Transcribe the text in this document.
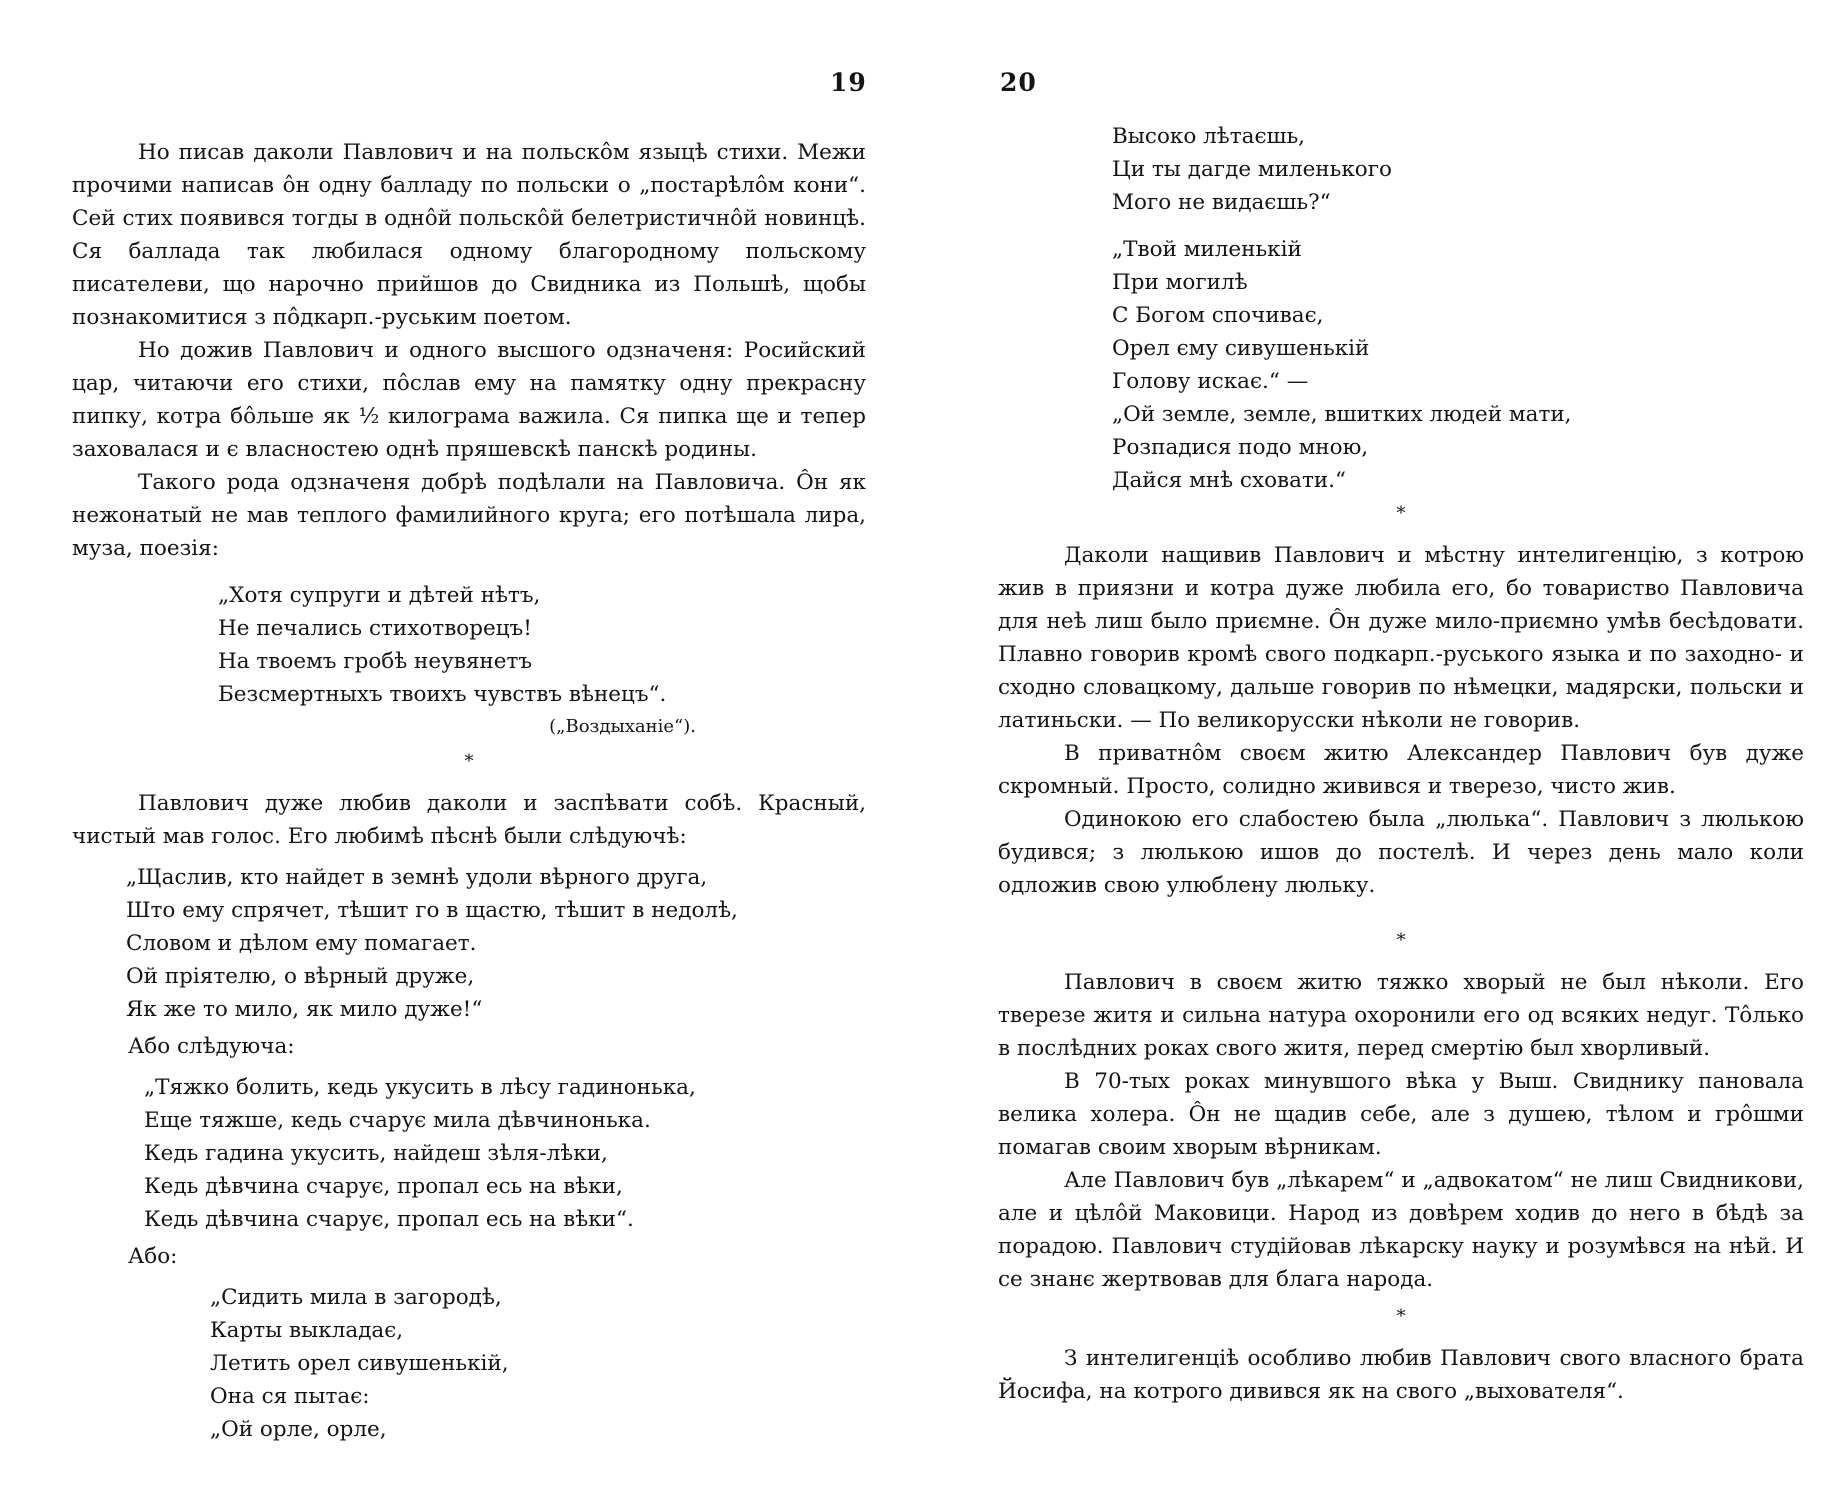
19

Но писав даколи Павлович и на польскôм языцѣ стихи. Межи прочими написав ôн одну балладу по польски о „постарѣлôм кони“. Сей стих появився тогды в однôй польскôй белетристичнôй новинцѣ. Ся баллада так любилася одному благородному польскому писателеви, що нарочно прийшов до Свидника из Польшѣ, щобы познакомитися з пôдкарп.-руським поетом.

Но дожив Павлович и одного высшого одзначеня: Росийский цар, читаючи его стихи, пôслав ему на памятку одну прекрасну пипку, котра бôльше як ½ килограма важила. Ся пипка ще и тепер заховалася и є власностею однѣ пряшевскѣ панскѣ родины.

Такого рода одзначеня добрѣ подѣлали на Павловича. Ôн як нежонатый не мав теплого фамилийного круга; его потѣшала лира, муза, поезія:

„Хотя супруги и дѣтей нѣтъ,
Не печались стихотворецъ!
На твоемъ гробѣ неувянетъ
Безсмертныхъ твоихъ чувствъ вѣнецъ“.
(„Воздыханіе“).
*

Павлович дуже любив даколи и заспѣвати собѣ. Красный, чистый мав голос. Его любимѣ пѣснѣ были слѣдуючѣ:

„Щаслив, кто найдет в земнѣ удоли вѣрного друга,
Што ему спрячет, тѣшит го в щастю, тѣшит в недолѣ,
Словом и дѣлом ему помагает.
Ой пріятелю, о вѣрный друже,
Як же то мило, як мило дуже!“
Або слѣдуюча:
„Тяжко болить, кедь укусить в лѣсу гадинонька,
Еще тяжше, кедь счарує мила дѣвчинонька.
Кедь гадина укусить, найдеш зѣля-лѣки,
Кедь дѣвчина счарує, пропал есь на вѣки,
Кедь дѣвчина счарує, пропал есь на вѣки“.
Або:
„Сидить мила в загородѣ,
Карты выкладає,
Летить орел сивушенькій,
Она ся пытає:
„Ой орле, орле,
20
Высоко лѣтаєшь,
Ци ты дагде миленького
Мого не видаєшь?“
„Твой миленькій
При могилѣ
С Богом спочиває,
Орел єму сивушенькій
Голову искає.“ —
„Ой земле, земле, вшитких людей мати,
Розпадися подо мною,
Дайся мнѣ сховати.“
*

Даколи нащивив Павлович и мѣстну интелигенцію, з котрою жив в приязни и котра дуже любила его, бо товариство Павловича для неѣ лиш было приємне. Ôн дуже мило-приємно умѣв бесѣдовати. Плавно говорив кромѣ свого подкарп.-руського языка и по заходно- и сходно словацкому, дальше говорив по нѣмецки, мадярски, польски и латиньски. — По великорусски нѣколи не говорив.

В приватнôм своєм житю Александер Павлович був дуже скромный. Просто, солидно живився и тверезо, чисто жив.

Одинокою его слабостею была „люлька“. Павлович з люлькою будився; з люлькою ишов до постелѣ. И через день мало коли одложив свою улюблену люльку.

*

Павлович в своєм житю тяжко хворый не был нѣколи. Его тверезе житя и сильна натура охоронили его од всяких недуг. Тôлько в послѣдних роках свого житя, перед смертію был хворливый.

В 70-тых роках минувшого вѣка у Выш. Свиднику пановала велика холера. Ôн не щадив себе, але з душею, тѣлом и грôшми помагав своим хворым вѣрникам.

Але Павлович був „лѣкарем“ и „адвокатом“ не лиш Свидникови, але и цѣлôй Маковици. Народ из довѣрем ходив до него в бѣдѣ за порадою. Павлович студійовав лѣкарску науку и розумѣвся на нѣй. И се знанє жертвовав для блага народа.

*

З интелигенціѣ особливо любив Павлович свого власного брата Йосифа, на котрого дивився як на свого „выхователя“.
